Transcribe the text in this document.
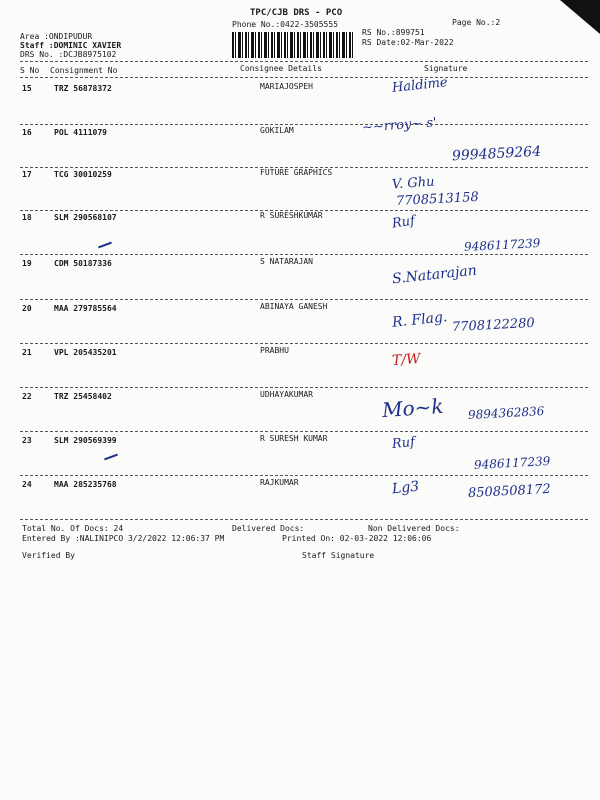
TPC/CJB DRS - PCO
Phone No.:0422-3505555	Page No.:2
RS No.:899751
RS Date:02-Mar-2022
Area :ONDIPUDUR
Staff :DOMINIC XAVIER
DRS No. :DCJB8975102
S No Consignment No	Consignee Details	Signature
15	TRZ 56878372	MARIAJOSPEH	Haldime
16	POL 4111079	GOKILAM	~~rroy~ s'
9994859264
17	TCG 30010259	FUTURE GRAPHICS
V. Ghu
7708513158
18	SLM 290568107	R SURESHKUMAR	Ruf
9486117239
19	CDM 50187336	S NATARAJAN
S.Natarajan
20	MAA 279785564	ABINAYA GANESH
R. Flag. 7708122280
21	VPL 205435201	PRABHU
T/W
22	TRZ 25458402	UDHAYAKUMAR	Mo~k 9894362836
23	SLM 290569399	R SURESH KUMAR	Ruf
9486117239
24	MAA 285235768	RAJKUMAR	Lg3	8508508172
Total No. Of Docs: 24	Delivered Docs:	Non Delivered Docs:
Entered By :NALINIPCO 3/2/2022 12:06:37 PM	Printed On: 02-03-2022 12:06:06
Verified By	Staff Signature
